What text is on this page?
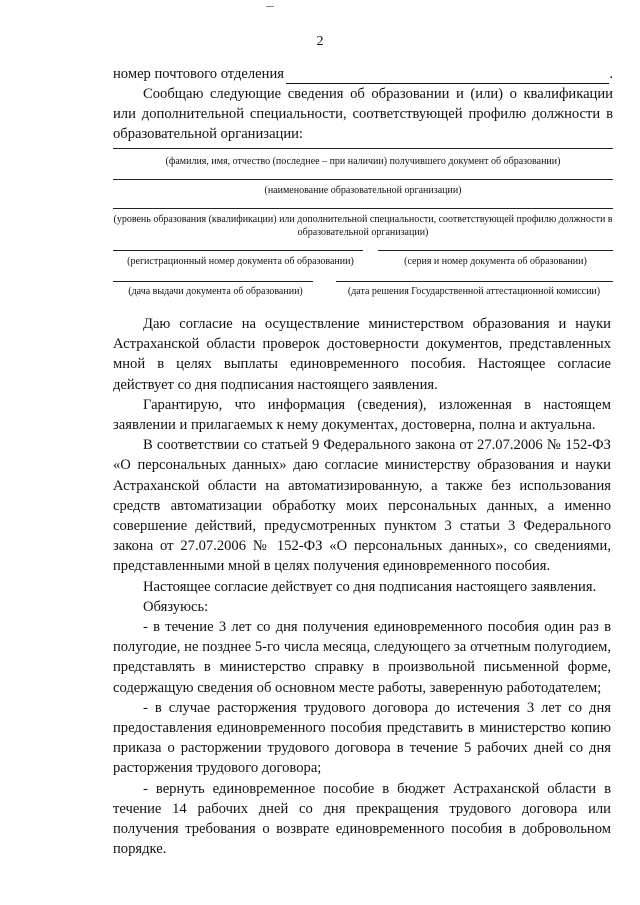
2
номер почтового отделения	.
Сообщаю следующие сведения об образовании и (или) о квалификации или дополнительной специальности, соответствующей профилю должности в образовательной организации:
(фамилия, имя, отчество (последнее – при наличии) получившего документ об образовании)
(наименование образовательной организации)
(уровень образования (квалификации) или дополнительной специальности, соответствующей профилю должности в образовательной организации)
(регистрационный номер документа об образовании)	(серия и номер документа об образовании)
(дача выдачи документа об образовании)	(дата решения Государственной аттестационной комиссии)

Даю согласие на осуществление министерством образования и науки Астраханской области проверок достоверности документов, представленных мной в целях выплаты единовременного пособия. Настоящее согласие действует со дня подписания настоящего заявления.

Гарантирую, что информация (сведения), изложенная в настоящем заявлении и прилагаемых к нему документах, достоверна, полна и актуальна.

В соответствии со статьей 9 Федерального закона от 27.07.2006 № 152-ФЗ «О персональных данных» даю согласие министерству образования и науки Астраханской области на автоматизированную, а также без использования средств автоматизации обработку моих персональных данных, а именно совершение действий, предусмотренных пунктом 3 статьи 3 Федерального закона от 27.07.2006 № 152-ФЗ «О персональных данных», со сведениями, представленными мной в целях получения единовременного пособия.

Настоящее согласие действует со дня подписания настоящего заявления.

Обязуюсь:

- в течение 3 лет со дня получения единовременного пособия один раз в полугодие, не позднее 5-го числа месяца, следующего за отчетным полугодием, представлять в министерство справку в произвольной письменной форме, содержащую сведения об основном месте работы, заверенную работодателем;

- в случае расторжения трудового договора до истечения 3 лет со дня предоставления единовременного пособия представить в министерство копию приказа о расторжении трудового договора в течение 5 рабочих дней со дня расторжения трудового договора;

- вернуть единовременное пособие в бюджет Астраханской области в течение 14 рабочих дней со дня прекращения трудового договора или получения требования о возврате единовременного пособия в добровольном порядке.
